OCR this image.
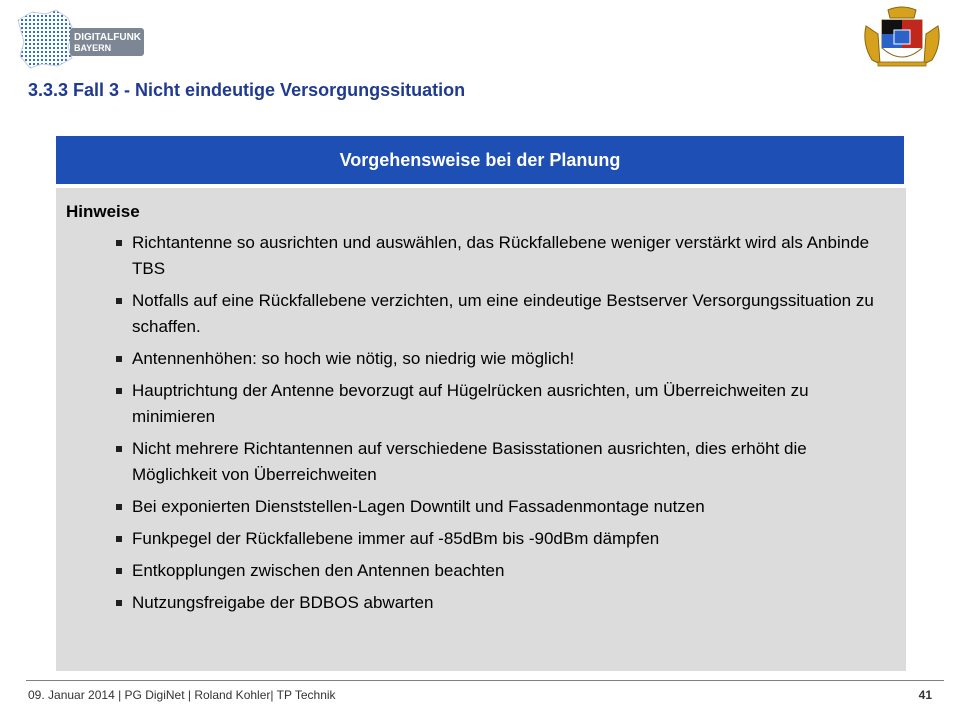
DIGITALFUNK
BAYERN
3.3.3 Fall 3 - Nicht eindeutige Versorgungssituation
Vorgehensweise bei der Planung
Hinweise
Richtantenne so ausrichten und auswählen, das Rückfallebene weniger verstärkt wird als Anbinde TBS
Notfalls auf eine Rückfallebene verzichten, um eine eindeutige Bestserver Versorgungssituation zu schaffen.
Antennenhöhen: so hoch wie nötig, so niedrig wie möglich!
Hauptrichtung der Antenne bevorzugt auf Hügelrücken ausrichten, um Überreichweiten zu minimieren
Nicht mehrere Richtantennen auf verschiedene Basisstationen ausrichten, dies erhöht die Möglichkeit von Überreichweiten
Bei exponierten Dienststellen-Lagen Downtilt und Fassadenmontage nutzen
Funkpegel der Rückfallebene immer auf -85dBm bis -90dBm dämpfen
Entkopplungen zwischen den Antennen beachten
Nutzungsfreigabe der BDBOS abwarten
09. Januar 2014 | PG DigiNet | Roland Kohler| TP Technik	41
